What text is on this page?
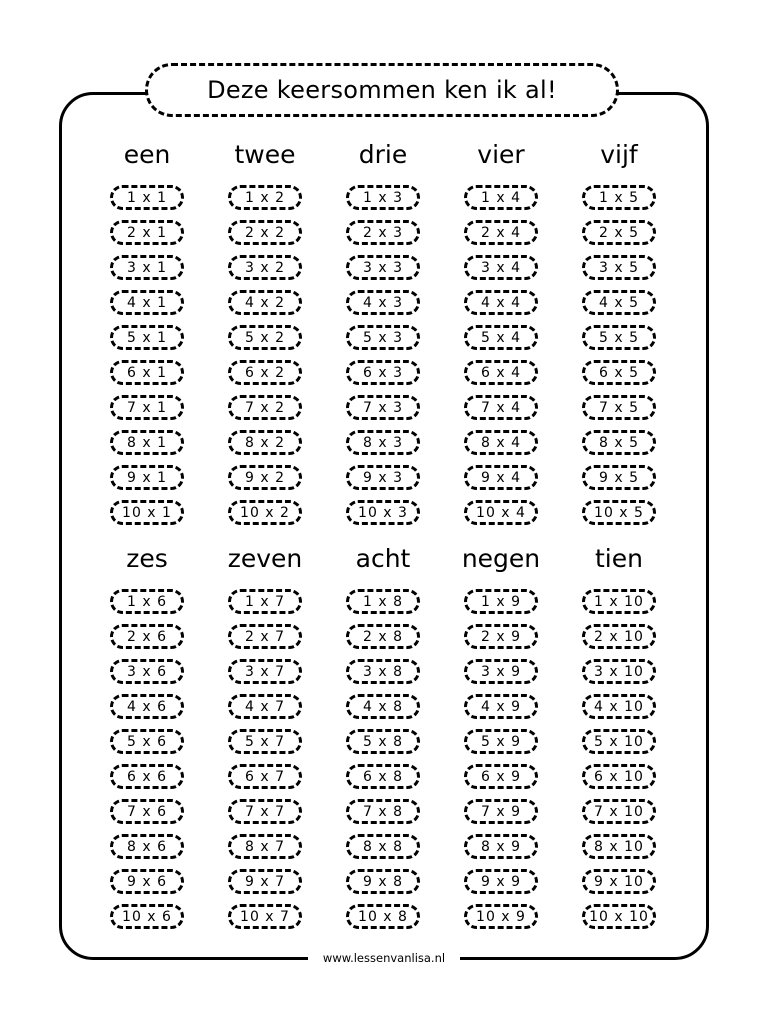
Deze keersommen ken ik al!
een
1 x 1
2 x 1
3 x 1
4 x 1
5 x 1
6 x 1
7 x 1
8 x 1
9 x 1
10 x 1
twee
1 x 2
2 x 2
3 x 2
4 x 2
5 x 2
6 x 2
7 x 2
8 x 2
9 x 2
10 x 2
drie
1 x 3
2 x 3
3 x 3
4 x 3
5 x 3
6 x 3
7 x 3
8 x 3
9 x 3
10 x 3
vier
1 x 4
2 x 4
3 x 4
4 x 4
5 x 4
6 x 4
7 x 4
8 x 4
9 x 4
10 x 4
vijf
1 x 5
2 x 5
3 x 5
4 x 5
5 x 5
6 x 5
7 x 5
8 x 5
9 x 5
10 x 5
zes
1 x 6
2 x 6
3 x 6
4 x 6
5 x 6
6 x 6
7 x 6
8 x 6
9 x 6
10 x 6
zeven
1 x 7
2 x 7
3 x 7
4 x 7
5 x 7
6 x 7
7 x 7
8 x 7
9 x 7
10 x 7
acht
1 x 8
2 x 8
3 x 8
4 x 8
5 x 8
6 x 8
7 x 8
8 x 8
9 x 8
10 x 8
negen
1 x 9
2 x 9
3 x 9
4 x 9
5 x 9
6 x 9
7 x 9
8 x 9
9 x 9
10 x 9
tien
1 x 10
2 x 10
3 x 10
4 x 10
5 x 10
6 x 10
7 x 10
8 x 10
9 x 10
10 x 10
www.lessenvanlisa.nl
